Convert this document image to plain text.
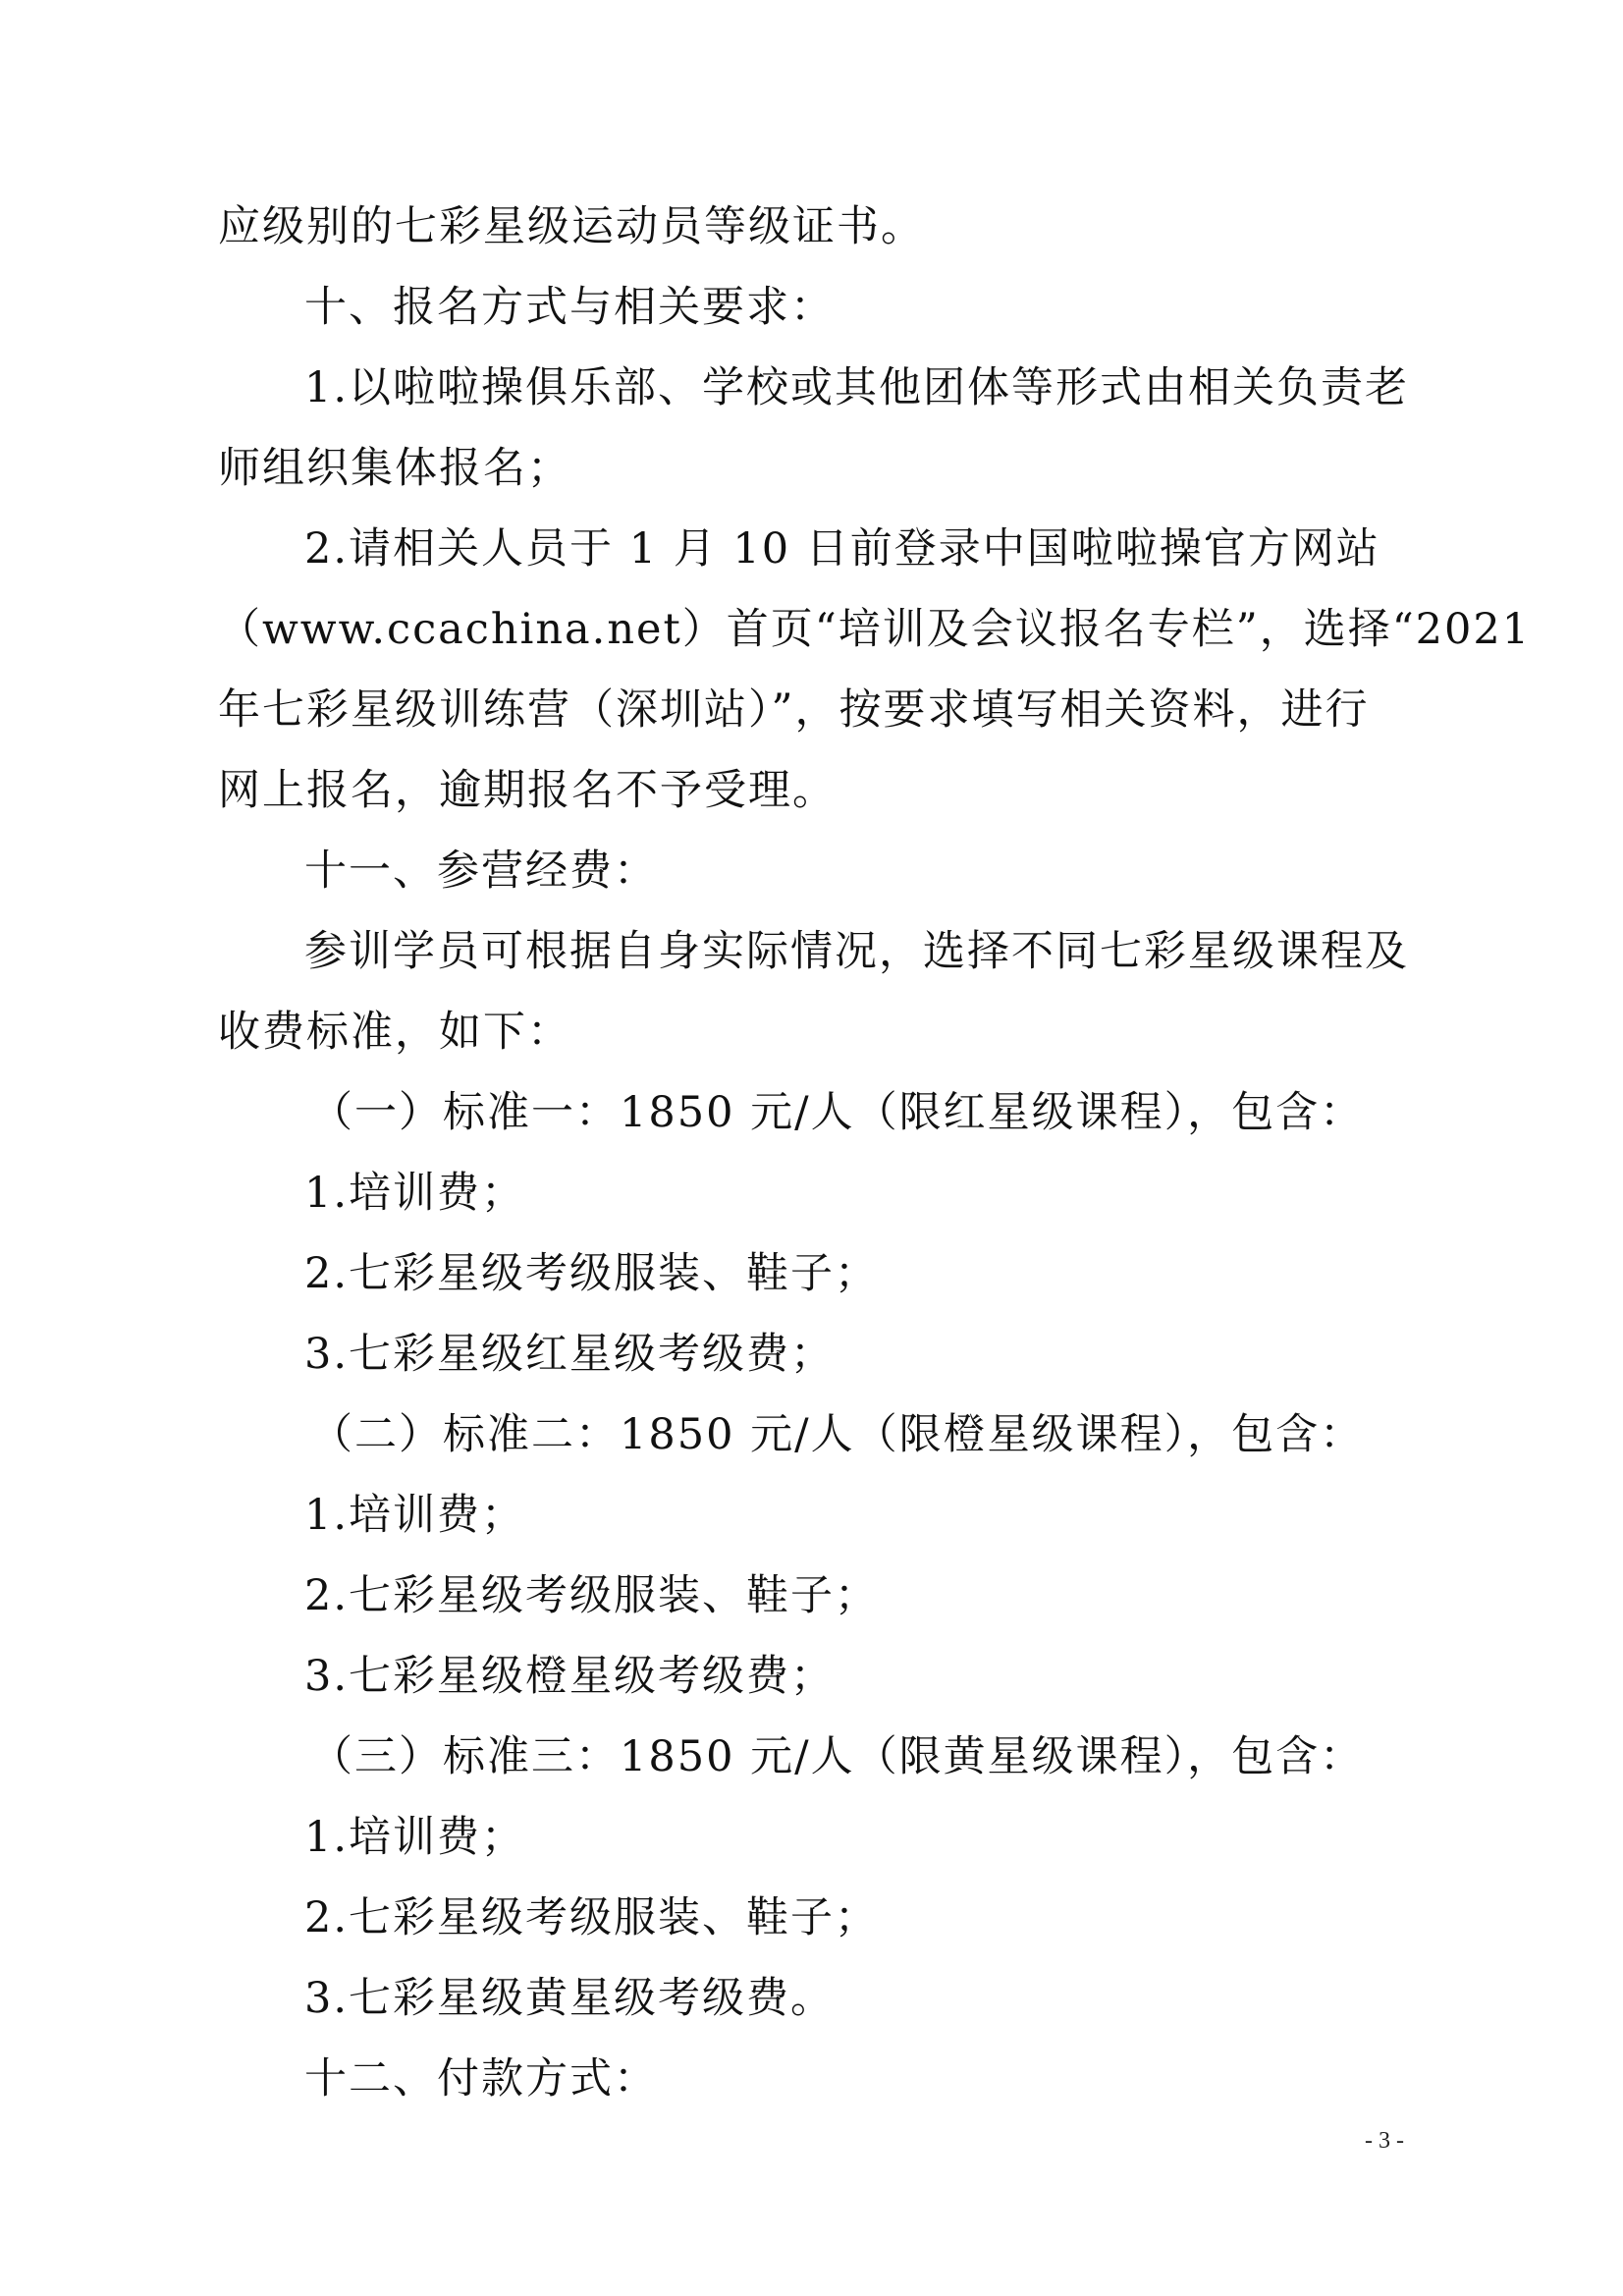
应级别的七彩星级运动员等级证书。
十、报名方式与相关要求：
1.以啦啦操俱乐部、学校或其他团体等形式由相关负责老
师组织集体报名；
2.请相关人员于 1 月 10 日前登录中国啦啦操官方网站
（www.ccachina.net）首页“培训及会议报名专栏”，选择“2021
年七彩星级训练营（深圳站）”，按要求填写相关资料，进行
网上报名，逾期报名不予受理。
十一、参营经费：
参训学员可根据自身实际情况，选择不同七彩星级课程及
收费标准，如下：
（一）标准一：1850 元/人（限红星级课程），包含：
1.培训费；
2.七彩星级考级服装、鞋子；
3.七彩星级红星级考级费；
（二）标准二：1850 元/人（限橙星级课程），包含：
1.培训费；
2.七彩星级考级服装、鞋子；
3.七彩星级橙星级考级费；
（三）标准三：1850 元/人（限黄星级课程），包含：
1.培训费；
2.七彩星级考级服装、鞋子；
3.七彩星级黄星级考级费。
十二、付款方式：
- 3 -
